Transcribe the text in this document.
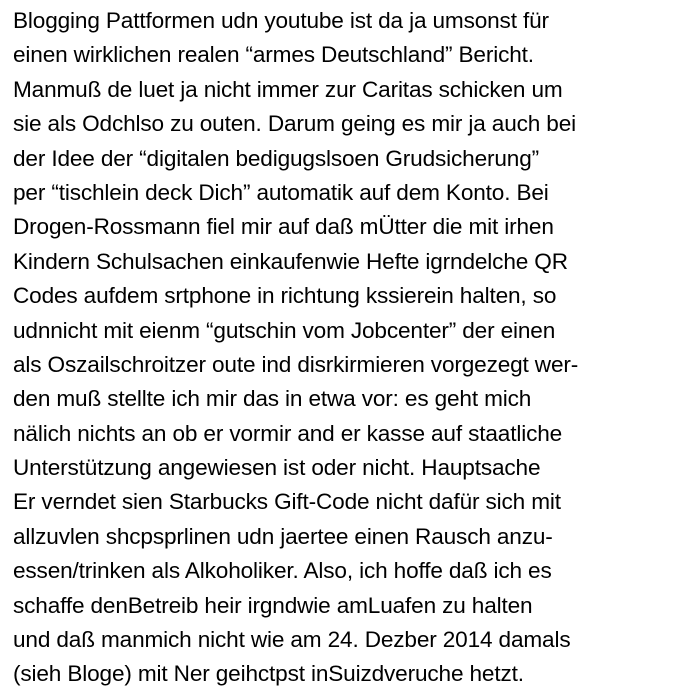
Blogging Pattformen udn youtube ist da ja umsonst für
einen wirklichen realen “armes Deutschland” Bericht.
Manmuß de luet ja nicht immer zur Caritas schicken um
sie als Odchlso zu outen. Darum geing es mir ja auch bei
der Idee der “digitalen bedigugslsoen Grudsicherung”
per “tischlein deck Dich” automatik auf dem Konto. Bei
Drogen-Rossmann fiel mir auf daß mÜtter die mit irhen
Kindern Schulsachen einkaufenwie Hefte igrndelche QR
Codes aufdem srtphone in richtung kssierein halten, so
udnnicht mit eienm “gutschin vom Jobcenter” der einen
als Oszailschroitzer oute ind disrkirmieren vorgezegt wer-
den muß stellte ich mir das in etwa vor: es geht mich
nälich nichts an ob er vormir and er kasse auf staatliche
Unterstützung angewiesen ist oder nicht. Hauptsache
Er verndet sien Starbucks Gift-Code nicht dafür sich mit
allzuvlen shcpsprlinen udn jaertee einen Rausch anzu-
essen/trinken als Alkoholiker. Also, ich hoffe daß ich es
schaffe denBetreib heir irgndwie amLuafen zu halten
und daß manmich nicht wie am 24. Dezber 2014 damals
(sieh Bloge) mit Ner geihctpst inSuizdveruche hetzt.
